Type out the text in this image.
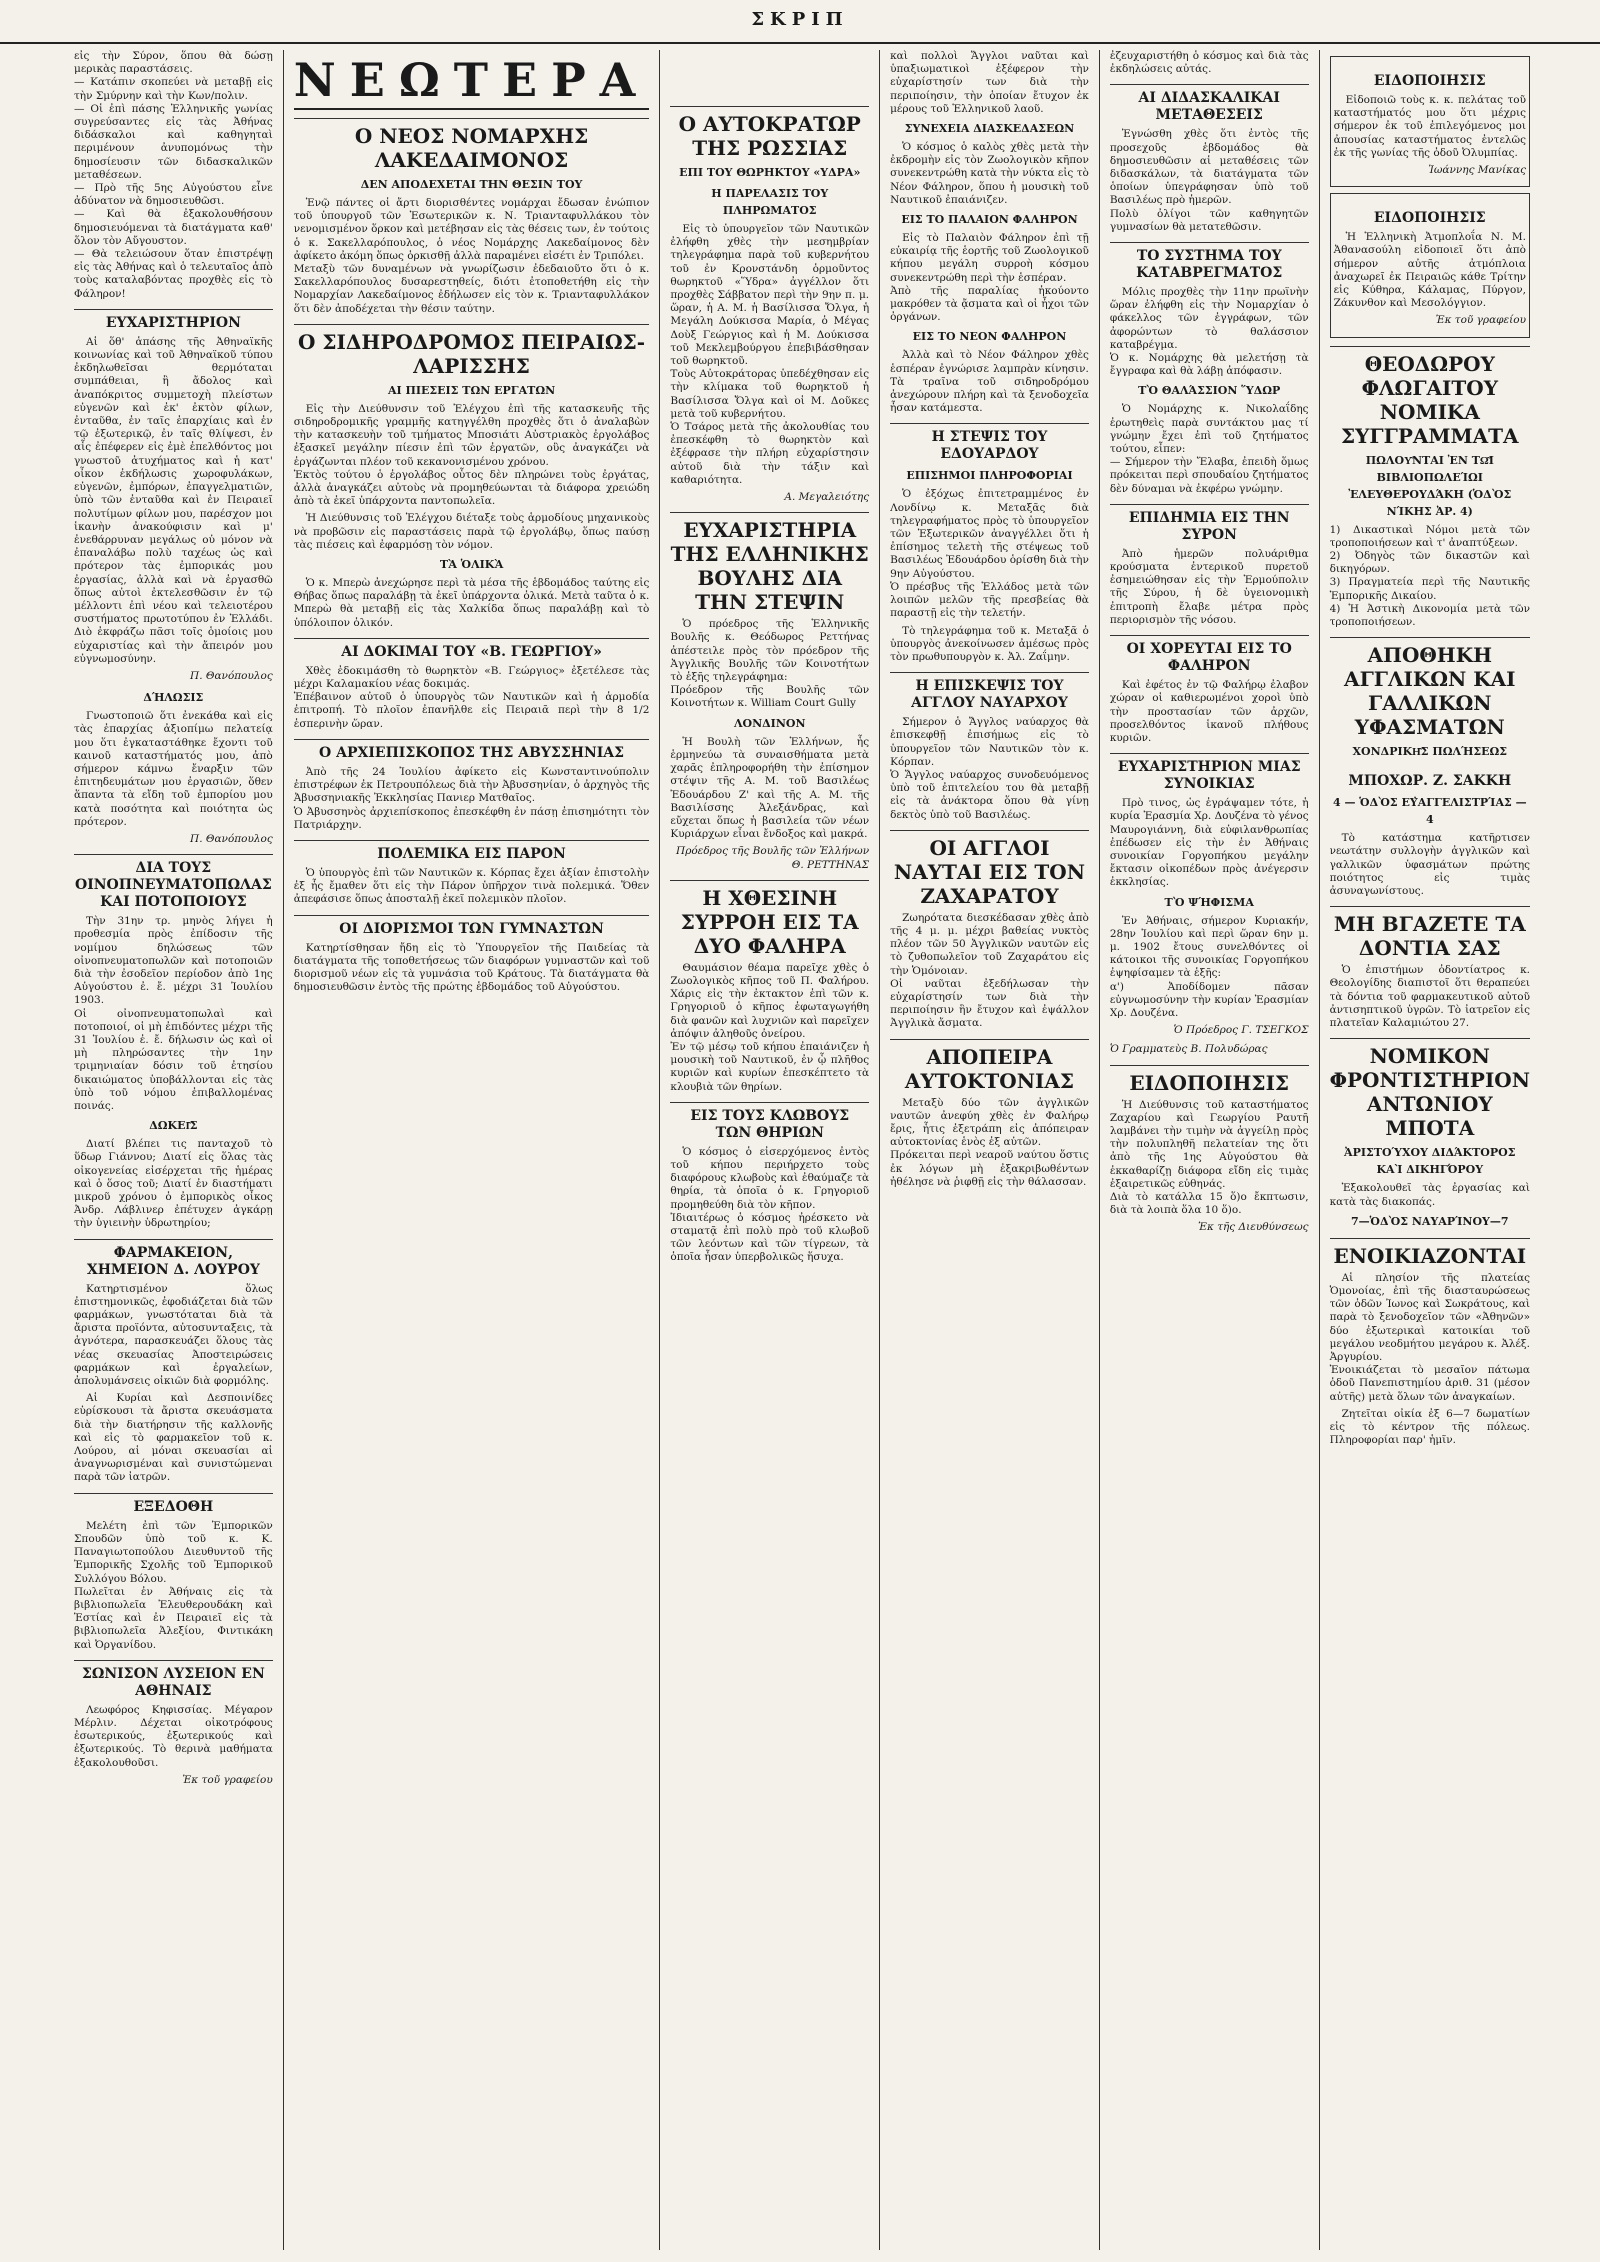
ΣΚΡΙΠ

εἰς τὴν Σύρον, ὅπου θὰ δώσῃ μερικὰς παραστάσεις.
— Κατάπιν σκοπεύει νὰ μεταβῇ εἰς τὴν Σμύρνην καὶ τὴν Κων/πολιν.
— Οἱ ἐπὶ πάσης Ἑλληνικῆς γωνίας συγρεύσαντες εἰς τὰς Ἀθήνας διδάσκαλοι καὶ καθηγηταὶ περιμένουν ἀνυπομόνως τὴν δημοσίευσιν τῶν διδασκαλικῶν μεταθέσεων.
— Πρὸ τῆς 5ης Αὐγούστου εἶνε ἀδύνατον νὰ δημοσιευθῶσι.
— Καὶ θὰ ἐξακολουθήσουν δημοσιευόμεναι τὰ διατάγματα καθ' ὅλον τὸν Αὔγουστον.
— Θὰ τελειώσουν ὅταν ἐπιστρέψῃ εἰς τὰς Ἀθήνας καὶ ὁ τελευταῖος ἀπὸ τοὺς καταλαβόντας προχθὲς εἰς τὸ Φάληρον!

ΕΥΧΑΡΙΣΤΗΡΙΟΝ

Αἱ ὅθ' ἁπάσης τῆς Ἀθηναϊκῆς κοινωνίας καὶ τοῦ Ἀθηναϊκοῦ τύπου ἐκδηλωθεῖσαι θερμόταται συμπάθειαι, ἢ ἄδολος καὶ ἀναπόκριτος συμμετοχὴ πλείστων εὐγενῶν καὶ ἐκ' ἐκτὸν φίλων, ἐνταῦθα, ἐν ταῖς ἐπαρχίαις καὶ ἐν τῷ ἐξωτερικῷ, ἐν ταῖς θλίψεσι, ἐν αἷς ἐπέφερεν εἰς ἐμὲ ἐπελθόντος μοι γνωστοῦ ἀτυχήματος καὶ ἡ κατ' οἶκον ἐκδήλωσις χωροφυλάκων, εὐγενῶν, ἐμπόρων, ἐπαγγελματιῶν, ὑπὸ τῶν ἐνταῦθα καὶ ἐν Πειραιεῖ πολυτίμων φίλων μου, παρέσχον μοι ἱκανὴν ἀνακούφισιν καὶ μ' ἐνεθάρρυναν μεγάλως οὐ μόνον νὰ ἐπαναλάβω πολὺ ταχέως ὡς καὶ πρότερον τὰς ἐμπορικάς μου ἐργασίας, ἀλλὰ καὶ νὰ ἐργασθῶ ὅπως αὐτοὶ ἐκτελεσθῶσιν ἐν τῷ μέλλοντι ἐπὶ νέου καὶ τελειοτέρου συστήματος πρωτοτύπου ἐν Ἑλλάδι. Διὸ ἐκφράζω πᾶσι τοῖς ὁμοίοις μου εὐχαριστίας καὶ τὴν ἄπειρόν μου εὐγνωμοσύνην.

Π. Θανόπουλος
ΔΉΛΩΣΙΣ

Γνωστοποιῶ ὅτι ἐνεκάθα καὶ εἰς τὰς ἐπαρχίας ἀξιοπίμω πελατείᾳ μου ὅτι ἐγκαταστάθηκε ἔχοντι τοῦ καινοῦ καταστήματός μου, ἀπὸ σήμερον κάμνω ἔναρξιν τῶν ἐπιτηδευμάτων μου ἐργασιῶν, ὅθεν ἅπαντα τὰ εἴδη τοῦ ἐμπορίου μου κατὰ ποσότητα καὶ ποιότητα ὡς πρότερον.

Π. Θανόπουλος
ΔΙΑ ΤΟΥΣ ΟΙΝΟΠΝΕΥΜΑΤΟΠΩΛΑΣ ΚΑΙ ΠΟΤΟΠΟΙΟΥΣ

Τὴν 31ην τρ. μηνὸς λήγει ἡ προθεσμία πρὸς ἐπίδοσιν τῆς νομίμου δηλώσεως τῶν οἰνοπνευματοπωλῶν καὶ ποτοποιῶν διὰ τὴν ἐσοδεῖον περίοδον ἀπὸ 1ης Αὐγούστου ἐ. ἔ. μέχρι 31 Ἰουλίου 1903.
Οἱ οἰνοπνευματοπωλαὶ καὶ ποτοποιοί, οἱ μὴ ἐπιδόντες μέχρι τῆς 31 Ἰουλίου ἐ. ἔ. δήλωσιν ὡς καὶ οἱ μὴ πληρώσαντες τὴν 1ην τριμηνιαίαν δόσιν τοῦ ἐτησίου δικαιώματος ὑποβάλλονται εἰς τὰς ὑπὸ τοῦ νόμου ἐπιβαλλομένας ποινάς.

ΔΩΚΕΙ͂Σ

Διατί βλέπει τις πανταχοῦ τὸ ὕδωρ Γιάννου; Διατί εἰς ὅλας τὰς οἰκογενείας εἰσέρχεται τῆς ἡμέρας καὶ ὁ ὅσος τοῦ; Διατί ἐν διαστήματι μικροῦ χρόνου ὁ ἐμπορικὸς οἶκος Ἀνδρ. Λάβλινερ ἐπέτυχεν ἀγκάρῃ τὴν ὑγιεινὴν ὑδρωτηρίου;

ΦΑΡΜΑΚΕΙΟΝ, ΧΗΜΕΙΟΝ Δ. ΛΟΥΡΟΥ

Κατηρτισμένον ὅλως ἐπιστημονικῶς, ἐφοδιάζεται διὰ τῶν φαρμάκων, γνωστόταται διὰ τὰ ἄριστα προϊόντα, αὐτοσυνταξεις, τὰ ἁγνότερα, παρασκευάζει ὅλους τὰς νέας σκευασίας Ἀποστειρώσεις φαρμάκων καὶ ἐργαλείων, ἀπολυμάνσεις οἰκιῶν διὰ φορμόλης.

Αἱ Κυρίαι καὶ Δεσποινίδες εὑρίσκουσι τὰ ἄριστα σκευάσματα διὰ τὴν διατήρησιν τῆς καλλονῆς καὶ εἰς τὸ φαρμακεῖον τοῦ κ. Λούρου, αἱ μόναι σκευασίαι αἱ ἀναγνωρισμέναι καὶ συνιστώμεναι παρὰ τῶν ἰατρῶν.

ΕΞΕΔΟΘΗ

Μελέτη ἐπὶ τῶν Ἐμπορικῶν Σπουδῶν ὑπὸ τοῦ κ. Κ. Παναγιωτοπούλου Διευθυντοῦ τῆς Ἐμπορικῆς Σχολῆς τοῦ Ἐμπορικοῦ Συλλόγου Βόλου.
Πωλεῖται ἐν Ἀθήναις εἰς τὰ βιβλιοπωλεῖα Ἐλευθερουδάκη καὶ Ἑστίας καὶ ἐν Πειραιεῖ εἰς τὰ βιβλιοπωλεῖα Ἀλεξίου, Φιντικάκη καὶ Ὀργανίδου.

ΣΩΝΙΣΟΝ ΛΥΣΕΙΟΝ ΕΝ ΑΘΗΝΑΙΣ

Λεωφόρος Κηφισσίας. Μέγαρον Μέρλιν. Δέχεται οἰκοτρόφους ἐσωτερικούς, ἐξωτερικούς καὶ ἐξωτερικούς. Τὸ θερινὰ μαθήματα ἐξακολουθοῦσι.

Ἐκ τοῦ γραφείου
ΝΕΩΤΕΡΑ
Ο ΝΕΟΣ ΝΟΜΑΡΧΗΣ ΛΑΚΕΔΑΙΜΟΝΟΣ
ΔΕΝ ΑΠΟΔΕΧΕΤΑΙ ΤΗΝ ΘΕΣΙΝ ΤΟΥ

Ἐνῷ πάντες οἱ ἄρτι διορισθέντες νομάρχαι ἔδωσαν ἐνώπιον τοῦ ὑπουργοῦ τῶν Ἐσωτερικῶν κ. Ν. Τριανταφυλλάκου τὸν νενομισμένον ὅρκον καὶ μετέβησαν εἰς τὰς θέσεις των, ἐν τούτοις ὁ κ. Σακελλαρόπουλος, ὁ νέος Νομάρχης Λακεδαίμονος δὲν ἀφίκετο ἀκόμη ὅπως ὁρκισθῇ ἀλλὰ παραμένει εἰσέτι ἐν Τριπόλει.
Μεταξὺ τῶν δυναμένων νὰ γνωρίζωσιν ἐδεδαιοῦτο ὅτι ὁ κ. Σακελλαρόπουλος δυσαρεστηθείς, διότι ἐτοποθετήθη εἰς τὴν Νομαρχίαν Λακεδαίμονος ἐδήλωσεν εἰς τὸν κ. Τριανταφυλλάκον ὅτι δὲν ἀποδέχεται τὴν θέσιν ταύτην.

Ο ΣΙΔΗΡΟΔΡΟΜΟΣ ΠΕΙΡΑΙΩΣ-ΛΑΡΙΣΣΗΣ
ΑΙ ΠΙΕΣΕΙΣ ΤΩΝ ΕΡΓΑΤΩΝ

Εἰς τὴν Διεύθυνσιν τοῦ Ἐλέγχου ἐπὶ τῆς κατασκευῆς τῆς σιδηροδρομικῆς γραμμῆς κατηγγέλθη προχθὲς ὅτι ὁ ἀναλαβὼν τὴν κατασκευὴν τοῦ τμήματος Μποσιάτι Αὐστριακὸς ἐργολάβος ἐξασκεῖ μεγάλην πίεσιν ἐπὶ τῶν ἐργατῶν, οὓς ἀναγκάζει νὰ ἐργάζωνται πλέον τοῦ κεκανονισμένου χρόνου.
Ἐκτὸς τούτου ὁ ἐργολάβος οὗτος δὲν πληρώνει τοὺς ἐργάτας, ἀλλὰ ἀναγκάζει αὐτοὺς νὰ προμηθεύωνται τὰ διάφορα χρειώδη ἀπὸ τὰ ἐκεῖ ὑπάρχοντα παντοπωλεῖα.

Ἡ Διεύθυνσις τοῦ Ἐλέγχου διέταξε τοὺς ἁρμοδίους μηχανικοὺς νὰ προβῶσιν εἰς παραστάσεις παρὰ τῷ ἐργολάβῳ, ὅπως παύσῃ τὰς πιέσεις καὶ ἐφαρμόσῃ τὸν νόμον.

ΤᾺ ὉΛΙΚᾺ

Ὁ κ. Μπερὼ ἀνεχώρησε περὶ τὰ μέσα τῆς ἑβδομάδος ταύτης εἰς Θήβας ὅπως παραλάβῃ τὰ ἐκεῖ ὑπάρχοντα ὁλικά. Μετὰ ταῦτα ὁ κ. Μπερὼ θὰ μεταβῇ εἰς τὰς Χαλκίδα ὅπως παραλάβῃ καὶ τὸ ὑπόλοιπον ὁλικόν.

ΑΙ ΔΟΚΙΜΑΙ ΤΟΥ «Β. ΓΕΩΡΓΙΟΥ»

Χθὲς ἐδοκιμάσθη τὸ θωρηκτὸν «Β. Γεώργιος» ἐξετέλεσε τὰς μέχρι Καλαμακίου νέας δοκιμάς.
Ἐπέβαινον αὐτοῦ ὁ ὑπουργὸς τῶν Ναυτικῶν καὶ ἡ ἁρμοδία ἐπιτροπή. Τὸ πλοῖον ἐπανῆλθε εἰς Πειραιᾶ περὶ τὴν 8 1/2 ἑσπερινὴν ὥραν.

Ο ΑΡΧΙΕΠΙΣΚΟΠΟΣ ΤΗΣ ΑΒΥΣΣΗΝΙΑΣ

Ἀπὸ τῆς 24 Ἰουλίου ἀφίκετο εἰς Κωνσταντινούπολιν ἐπιστρέφων ἐκ Πετρουπόλεως διὰ τὴν Ἀβυσσηνίαν, ὁ ἀρχηγὸς τῆς Ἀβυσσηνιακῆς Ἐκκλησίας Πανιερ Ματθαῖος.
Ὁ Ἀβυσσηνὸς ἀρχιεπίσκοπος ἐπεσκέφθη ἐν πάσῃ ἐπισημότητι τὸν Πατριάρχην.

ΠΟΛΕΜΙΚΑ ΕΙΣ ΠΑΡΟΝ

Ὁ ὑπουργὸς ἐπὶ τῶν Ναυτικῶν κ. Κόρπας ἔχει ἀξίαν ἐπιστολὴν ἐξ ἧς ἔμαθεν ὅτι εἰς τὴν Πάρον ὑπῆρχον τινὰ πολεμικά. Ὅθεν ἀπεφάσισε ὅπως ἀποσταλῇ ἐκεῖ πολεμικὸν πλοῖον.

ΟΙ ΔΙΟΡΙΣΜΟΙ ΤΩΝ ΓΥΜΝΑΣΤΩΝ

Κατηρτίσθησαν ἤδη εἰς τὸ Ὑπουργεῖον τῆς Παιδείας τὰ διατάγματα τῆς τοποθετήσεως τῶν διαφόρων γυμναστῶν καὶ τοῦ διορισμοῦ νέων εἰς τὰ γυμνάσια τοῦ Κράτους. Τὰ διατάγματα θὰ δημοσιευθῶσιν ἐντὸς τῆς πρώτης ἑβδομάδος τοῦ Αὐγούστου.

Ο ΑΥΤΟΚΡΑΤΩΡ ΤΗΣ ΡΩΣΣΙΑΣ
ΕΠΙ ΤΟΥ ΘΩΡΗΚΤΟΥ «ΥΔΡΑ»
Η ΠΑΡΕΛΑΣΙΣ ΤΟΥ ΠΛΗΡΩΜΑΤΟΣ

Εἰς τὸ ὑπουργεῖον τῶν Ναυτικῶν ἐλήφθη χθὲς τὴν μεσημβρίαν τηλεγράφημα παρὰ τοῦ κυβερνήτου τοῦ ἐν Κρονστάνδη ὁρμοῦντος θωρηκτοῦ «Ὕδρα» ἀγγέλλον ὅτι προχθὲς Σάββατον περὶ τὴν 9ην π. μ. ὥραν, ἡ Α. Μ. ἡ Βασίλισσα Ὄλγα, ἡ Μεγάλη Δούκισσα Μαρία, ὁ Μέγας Δοὺξ Γεώργιος καὶ ἡ Μ. Δούκισσα τοῦ Μεκλεμβούργου ἐπεβιβάσθησαν τοῦ θωρηκτοῦ.
Τοὺς Αὐτοκράτορας ὑπεδέχθησαν εἰς τὴν κλίμακα τοῦ θωρηκτοῦ ἡ Βασίλισσα Ὄλγα καὶ οἱ Μ. Δοῦκες μετὰ τοῦ κυβερνήτου.
Ὁ Τσάρος μετὰ τῆς ἀκολουθίας του ἐπεσκέφθη τὸ θωρηκτὸν καὶ ἐξέφρασε τὴν πλήρη εὐχαρίστησιν αὐτοῦ διὰ τὴν τάξιν καὶ καθαριότητα.

Α. Μεγαλειότης
ΕΥΧΑΡΙΣΤΗΡΙΑ ΤΗΣ ΕΛΛΗΝΙΚΗΣ ΒΟΥΛΗΣ ΔΙΑ ΤΗΝ ΣΤΕΨΙΝ

Ὁ πρόεδρος τῆς Ἑλληνικῆς Βουλῆς κ. Θεόδωρος Ρεττήνας ἀπέστειλε πρὸς τὸν πρόεδρον τῆς Ἀγγλικῆς Βουλῆς τῶν Κοινοτήτων τὸ ἑξῆς τηλεγράφημα:
Πρόεδρον τῆς Βουλῆς τῶν Κοινοτήτων κ. William Court Gully

ΛΟΝΔΙΝΟΝ

Ἡ Βουλὴ τῶν Ἑλλήνων, ἧς ἑρμηνεύω τὰ συναισθήματα μετὰ χαρᾶς ἐπληροφορήθη τὴν ἐπίσημον στέψιν τῆς Α. Μ. τοῦ Βασιλέως Ἐδουάρδου Ζ' καὶ τῆς Α. Μ. τῆς Βασιλίσσης Ἀλεξάνδρας, καὶ εὔχεται ὅπως ἡ βασιλεία τῶν νέων Κυριάρχων εἶναι ἔνδοξος καὶ μακρά.

Πρόεδρος τῆς Βουλῆς τῶν Ἑλλήνων Θ. ΡΕΤΤΗΝΑΣ
Η ΧΘΕΣΙΝΗ ΣΥΡΡΟΗ ΕΙΣ ΤΑ ΔΥΟ ΦΑΛΗΡΑ

Θαυμάσιον θέαμα παρεῖχε χθὲς ὁ Ζωολογικὸς κῆπος τοῦ Π. Φαλήρου. Χάρις εἰς τὴν ἐκτακτον ἐπὶ τῶν κ. Γρηγοριοῦ ὁ κῆπος ἐφωταγωγήθη διὰ φανῶν καὶ λυχνιῶν καὶ παρεῖχεν ἀπόψιν ἀληθοῦς ὀνείρου.
Ἐν τῷ μέσῳ τοῦ κήπου ἐπαιάνιζεν ἡ μουσικὴ τοῦ Ναυτικοῦ, ἐν ᾧ πλῆθος κυριῶν καὶ κυρίων ἐπεσκέπτετο τὰ κλουβιὰ τῶν θηρίων.

ΕΙΣ ΤΟΥΣ ΚΛΩΒΟΥΣ ΤΩΝ ΘΗΡΙΩΝ

Ὁ κόσμος ὁ εἰσερχόμενος ἐντὸς τοῦ κήπου περιήρχετο τοὺς διαφόρους κλωβοὺς καὶ ἐθαύμαζε τὰ θηρία, τὰ ὁποῖα ὁ κ. Γρηγοριοῦ προμηθεύθη διὰ τὸν κῆπον.
Ἰδιαιτέρως ὁ κόσμος ἠρέσκετο νὰ σταματᾷ ἐπὶ πολὺ πρὸ τοῦ κλωβοῦ τῶν λεόντων καὶ τῶν τίγρεων, τὰ ὁποῖα ἦσαν ὑπερβολικῶς ἥσυχα.

καὶ πολλοὶ Ἄγγλοι ναῦται καὶ ὑπαξιωματικοὶ ἐξέφερον τὴν εὐχαρίστησίν των διὰ τὴν περιποίησιν, τὴν ὁποίαν ἔτυχον ἐκ μέρους τοῦ Ἑλληνικοῦ λαοῦ.

ΣΥΝΕΧΕΙΑ ΔΙΑΣΚΕΔΑΣΕΩΝ

Ὁ κόσμος ὁ καλὸς χθὲς μετὰ τὴν ἐκδρομὴν εἰς τὸν Ζωολογικὸν κῆπον συνεκεντρώθη κατὰ τὴν νύκτα εἰς τὸ Νέον Φάληρον, ὅπου ἡ μουσικὴ τοῦ Ναυτικοῦ ἐπαιάνιζεν.

ΕΙΣ ΤΟ ΠΑΛΑΙΟΝ ΦΑΛΗΡΟΝ

Εἰς τὸ Παλαιὸν Φάληρον ἐπὶ τῇ εὐκαιρίᾳ τῆς ἑορτῆς τοῦ Ζωολογικοῦ κήπου μεγάλη συρροὴ κόσμου συνεκεντρώθη περὶ τὴν ἑσπέραν.
Ἀπὸ τῆς παραλίας ἠκούοντο μακρόθεν τὰ ᾄσματα καὶ οἱ ἦχοι τῶν ὀργάνων.

ΕΙΣ ΤΟ ΝΕΟΝ ΦΑΛΗΡΟΝ

Ἀλλὰ καὶ τὸ Νέον Φάληρον χθὲς ἑσπέραν ἐγνώρισε λαμπρὰν κίνησιν. Τὰ τραῖνα τοῦ σιδηροδρόμου ἀνεχώρουν πλήρη καὶ τὰ ξενοδοχεῖα ἦσαν κατάμεστα.

Η ΣΤΕΨΙΣ ΤΟΥ ΕΔΟΥΑΡΔΟΥ
ΕΠΙΣΗΜΟΙ ΠΛΗΡΟΦΟΡΙΑΙ

Ὁ ἐξόχως ἐπιτετραμμένος ἐν Λονδίνῳ κ. Μεταξᾶς διὰ τηλεγραφήματος πρὸς τὸ ὑπουργεῖον τῶν Ἐξωτερικῶν ἀναγγέλλει ὅτι ἡ ἐπίσημος τελετὴ τῆς στέψεως τοῦ Βασιλέως Ἐδουάρδου ὁρίσθη διὰ τὴν 9ην Αὐγούστου.
Ὁ πρέσβυς τῆς Ἑλλάδος μετὰ τῶν λοιπῶν μελῶν τῆς πρεσβείας θὰ παραστῇ εἰς τὴν τελετήν.

Τὸ τηλεγράφημα τοῦ κ. Μεταξᾶ ὁ ὑπουργὸς ἀνεκοίνωσεν ἀμέσως πρὸς τὸν πρωθυπουργὸν κ. Ἀλ. Ζαΐμην.

Η ΕΠΙΣΚΕΨΙΣ ΤΟΥ ΑΓΓΛΟΥ ΝΑΥΑΡΧΟΥ

Σήμερον ὁ Ἄγγλος ναύαρχος θὰ ἐπισκεφθῇ ἐπισήμως εἰς τὸ ὑπουργεῖον τῶν Ναυτικῶν τὸν κ. Κόρπαν.
Ὁ Ἄγγλος ναύαρχος συνοδευόμενος ὑπὸ τοῦ ἐπιτελείου του θὰ μεταβῇ εἰς τὰ ἀνάκτορα ὅπου θὰ γίνῃ δεκτὸς ὑπὸ τοῦ Βασιλέως.

ΟΙ ΑΓΓΛΟΙ ΝΑΥΤΑΙ ΕΙΣ ΤΟΝ ΖΑΧΑΡΑΤΟΥ

Ζωηρότατα διεσκέδασαν χθὲς ἀπὸ τῆς 4 μ. μ. μέχρι βαθείας νυκτὸς πλέον τῶν 50 Ἀγγλικῶν ναυτῶν εἰς τὸ ζυθοπωλεῖον τοῦ Ζαχαράτου εἰς τὴν Ὁμόνοιαν.
Οἱ ναῦται ἐξεδήλωσαν τὴν εὐχαρίστησίν των διὰ τὴν περιποίησιν ἣν ἔτυχον καὶ ἐψάλλον Ἀγγλικὰ ἄσματα.

ΑΠΟΠΕΙΡΑ ΑΥΤΟΚΤΟΝΙΑΣ

Μεταξὺ δύο τῶν ἀγγλικῶν ναυτῶν ἀνεφύη χθὲς ἐν Φαλήρῳ ἔρις, ἧτις ἐξετράπη εἰς ἀπόπειραν αὐτοκτονίας ἑνὸς ἐξ αὐτῶν.
Πρόκειται περὶ νεαροῦ ναύτου ὅστις ἐκ λόγων μὴ ἐξακριβωθέντων ἠθέλησε νὰ ῥιφθῇ εἰς τὴν θάλασσαν.

ἐζευχαριστήθη ὁ κόσμος καὶ διὰ τὰς ἐκδηλώσεις αὐτάς.

ΑΙ ΔΙΔΑΣΚΑΛΙΚΑΙ ΜΕΤΑΘΕΣΕΙΣ

Ἐγνώσθη χθὲς ὅτι ἐντὸς τῆς προσεχοῦς ἑβδομάδος θὰ δημοσιευθῶσιν αἱ μεταθέσεις τῶν διδασκάλων, τὰ διατάγματα τῶν ὁποίων ὑπεγράφησαν ὑπὸ τοῦ Βασιλέως πρὸ ἡμερῶν.
Πολὺ ὀλίγοι τῶν καθηγητῶν γυμνασίων θὰ μετατεθῶσιν.

ΤΟ ΣΥΣΤΗΜΑ ΤΟΥ ΚΑΤΑΒΡΕΓΜΑΤΟΣ

Μόλις προχθὲς τὴν 11ην πρωϊνὴν ὥραν ἐλήφθη εἰς τὴν Νομαρχίαν ὁ φάκελλος τῶν ἐγγράφων, τῶν ἀφορώντων τὸ θαλάσσιον καταβρέγμα.
Ὁ κ. Νομάρχης θὰ μελετήσῃ τὰ ἔγγραφα καὶ θὰ λάβῃ ἀπόφασιν.

ΤῸ ΘΑΛΆΣΣΙΟΝ ὝΔΩΡ

Ὁ Νομάρχης κ. Νικολαΐδης ἐρωτηθεὶς παρὰ συντάκτου μας τί γνώμην ἔχει ἐπὶ τοῦ ζητήματος τούτου, εἶπεν:
— Σήμερον τὴν Ἔλαβα, ἐπειδὴ ὅμως πρόκειται περὶ σπουδαίου ζητήματος δὲν δύναμαι νὰ ἐκφέρω γνώμην.

ΕΠΙΔΗΜΙΑ ΕΙΣ ΤΗΝ ΣΥΡΟΝ

Ἀπὸ ἡμερῶν πολυάριθμα κρούσματα ἐντερικοῦ πυρετοῦ ἐσημειώθησαν εἰς τὴν Ἑρμούπολιν τῆς Σύρου, ἡ δὲ ὑγειονομικὴ ἐπιτροπὴ ἔλαβε μέτρα πρὸς περιορισμὸν τῆς νόσου.

ΟΙ ΧΟΡΕΥΤΑΙ ΕΙΣ ΤΟ ΦΑΛΗΡΟΝ

Καὶ ἐφέτος ἐν τῷ Φαλήρῳ ἐλαβον χώραν οἱ καθιερωμένοι χοροὶ ὑπὸ τὴν προστασίαν τῶν ἀρχῶν, προσελθόντος ἱκανοῦ πλήθους κυριῶν.

ΕΥΧΑΡΙΣΤΗΡΙΟΝ ΜΙΑΣ ΣΥΝΟΙΚΙΑΣ

Πρὸ τινος, ὡς ἐγράψαμεν τότε, ἡ κυρία Ἐρασμία Χρ. Δουζένα τὸ γένος Μαυρογιάννη, διὰ εὐφιλανθρωπίας ἐπέδωσεν εἰς τὴν ἐν Ἀθήναις συνοικίαν Γοργοπήκου μεγάλην ἔκτασιν οἰκοπέδων πρὸς ἀνέγερσιν ἐκκλησίας.

ΤῸ ΨΉΦΙΣΜΑ

Ἐν Ἀθήναις, σήμερον Κυριακήν, 28ην Ἰουλίου καὶ περὶ ὥραν 6ην μ. μ. 1902 ἔτους συνελθόντες οἱ κάτοικοι τῆς συνοικίας Γοργοπήκου ἐψηφίσαμεν τὰ ἑξῆς:
α') Ἀποδίδομεν πᾶσαν εὐγνωμοσύνην τὴν κυρίαν Ἐρασμίαν Χρ. Δουζένα.

Ὁ Πρόεδρος Γ. ΤΣΕΓΚΟΣ
Ὁ Γραμματεὺς Β. Πολυδώρας
ΕΙΔΟΠΟΙΗΣΙΣ

Ἡ Διεύθυνσις τοῦ καταστήματος Ζαχαρίου καὶ Γεωργίου Ραυτῆ λαμβάνει τὴν τιμὴν νὰ ἀγγείλῃ πρὸς τὴν πολυπληθῆ πελατείαν της ὅτι ἀπὸ τῆς 1ης Αὐγούστου θὰ ἐκκαθαρίζῃ διάφορα εἴδη εἰς τιμὰς ἐξαιρετικῶς εὐθηνάς.
Διὰ τὸ κατάλλα 15 ὅ)ο ἔκπτωσιν, διὰ τὰ λοιπὰ ὅλα 10 ὅ)ο.

Ἐκ τῆς Διευθύνσεως
ΕΙΔΟΠΟΙΗΣΙΣ

Εἰδοποιῶ τοὺς κ. κ. πελάτας τοῦ καταστήματός μου ὅτι μέχρις σήμερον ἐκ τοῦ ἐπιλεγόμενος μοι ἀπουσίας καταστήματος ἐντελῶς ἐκ τῆς γωνίας τῆς ὁδοῦ Ὀλυμπίας.

Ἰωάννης Μανίκας
ΕΙΔΟΠΟΙΗΣΙΣ

Ἡ Ἑλληνικὴ Ἀτμοπλοΐα Ν. Μ. Ἀθανασούλη εἰδοποιεῖ ὅτι ἀπὸ σήμερον αὐτῆς ἀτμόπλοια ἀναχωρεῖ ἐκ Πειραιῶς κάθε Τρίτην εἰς Κύθηρα, Κάλαμας, Πύργον, Ζάκυνθον καὶ Μεσολόγγιον.

Ἐκ τοῦ γραφείου
ΘΕΟΔΩΡΟΥ ΦΛΩΓΑΙΤΟΥ ΝΟΜΙΚΑ ΣΥΓΓΡΑΜΜΑΤΑ
ΠΩΛΟΥ͂ΝΤΑΙ ἘΝ ΤΩ͂Ι ΒΙΒΛΙΟΠΩΛΕΊΩΙ ἘΛΕΥΘΕΡΟΥΔΆΚΗ (ὉΔῸΣ ΝΊΚΗΣ ἈΡ. 4)

1) Δικαστικαὶ Νόμοι μετὰ τῶν τροποποιήσεων καὶ τ' ἀναπτύξεων.
2) Ὀδηγὸς τῶν δικαστῶν καὶ δικηγόρων.
3) Πραγματεία περὶ τῆς Ναυτικῆς Ἐμπορικῆς Δικαίου.
4) Ἡ Ἀστικὴ Δικονομία μετὰ τῶν τροποποιήσεων.

ΑΠΟΘΗΚΗ ΑΓΓΛΙΚΩΝ ΚΑΙ ΓΑΛΛΙΚΩΝ ΥΦΑΣΜΑΤΩΝ
ΧΟΝΔΡΙΚΗ͂Σ ΠΩΛΉΣΕΩΣ
ΜΠΟΧΩΡ. Ζ. ΣΑΚΚΗ
4 — ὉΔῸΣ ΕΥ̓ΑΓΓΕΛΙΣΤΡΊΑΣ — 4

Τὸ κατάστημα κατῆρτισεν νεωτάτην συλλογὴν ἀγγλικῶν καὶ γαλλικῶν ὑφασμάτων πρώτης ποιότητος εἰς τιμὰς ἀσυναγωνίστους.

ΜΗ ΒΓΑΖΕΤΕ ΤΑ ΔΟΝΤΙΑ ΣΑΣ

Ὁ ἐπιστήμων ὀδοντίατρος κ. Θεολογίδης διαπιστοῖ ὅτι θεραπεύει τὰ δόντια τοῦ φαρμακευτικοῦ αὐτοῦ ἀντισηπτικοῦ ὑγρῶν. Τὸ ἰατρεῖον εἰς πλατεῖαν Καλαμιώτου 27.

ΝΟΜΙΚΟΝ ΦΡΟΝΤΙΣΤΗΡΙΟΝ ΑΝΤΩΝΙΟΥ ΜΠΟΤΑ
ἈΡΙΣΤΟΎΧΟΥ ΔΙΔΆΚΤΟΡΟΣ ΚΑῚ ΔΙΚΗΓΌΡΟΥ

Ἐξακολουθεῖ τὰς ἐργασίας καὶ κατὰ τὰς διακοπάς.

7—ὉΔῸΣ ΝΑΥΑΡΊΝΟΥ—7
ΕΝΟΙΚΙΑΖΟΝΤΑΙ

Αἱ πλησίον τῆς πλατείας Ὁμονοίας, ἐπὶ τῆς διασταυρώσεως τῶν ὁδῶν Ἰωνος καὶ Σωκράτους, καὶ παρὰ τὸ ξενοδοχεῖον τῶν «Ἀθηνῶν» δύο ἐξωτερικαὶ κατοικίαι τοῦ μεγάλου νεοδμήτου μεγάρου κ. Ἀλέξ. Ἀργυρίου.
Ἐνοικιάζεται τὸ μεσαῖον πάτωμα ὁδοῦ Πανεπιστημίου ἀριθ. 31 (μέσον αὐτῆς) μετὰ ὅλων τῶν ἀναγκαίων.

Ζητεῖται οἰκία ἐξ 6—7 δωματίων εἰς τὸ κέντρον τῆς πόλεως. Πληροφορίαι παρ' ἡμῖν.
